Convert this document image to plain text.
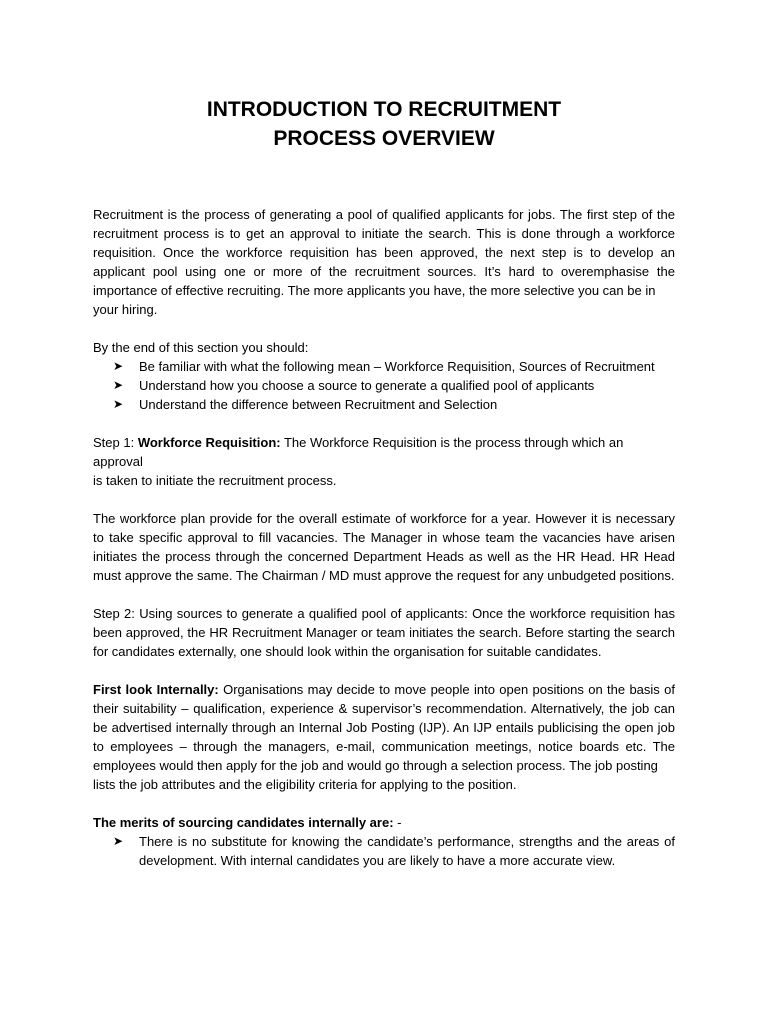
INTRODUCTION TO RECRUITMENT
PROCESS OVERVIEW

Recruitment is the process of generating a pool of qualified applicants for jobs. The first step of the recruitment process is to get an approval to initiate the search. This is done through a workforce requisition. Once the workforce requisition has been approved, the next step is to develop an applicant pool using one or more of the recruitment sources. It’s hard to overemphasise the importance of effective recruiting. The more applicants you have, the more selective you can be in
your hiring.

By the end of this section you should:

➤ Be familiar with what the following mean – Workforce Requisition, Sources of Recruitment
➤ Understand how you choose a source to generate a qualified pool of applicants
➤ Understand the difference between Recruitment and Selection

Step 1: Workforce Requisition: The Workforce Requisition is the process through which an approval
is taken to initiate the recruitment process.

The workforce plan provide for the overall estimate of workforce for a year. However it is necessary to take specific approval to fill vacancies. The Manager in whose team the vacancies have arisen initiates the process through the concerned Department Heads as well as the HR Head. HR Head must approve the same. The Chairman / MD must approve the request for any unbudgeted positions.

Step 2: Using sources to generate a qualified pool of applicants: Once the workforce requisition has been approved, the HR Recruitment Manager or team initiates the search. Before starting the search for candidates externally, one should look within the organisation for suitable candidates.

First look Internally: Organisations may decide to move people into open positions on the basis of their suitability – qualification, experience & supervisor’s recommendation. Alternatively, the job can be advertised internally through an Internal Job Posting (IJP). An IJP entails publicising the open job to employees – through the managers, e-mail, communication meetings, notice boards etc. The employees would then apply for the job and would go through a selection process. The job posting
lists the job attributes and the eligibility criteria for applying to the position.

The merits of sourcing candidates internally are: -

➤ There is no substitute for knowing the candidate’s performance, strengths and the areas of development. With internal candidates you are likely to have a more accurate view.
